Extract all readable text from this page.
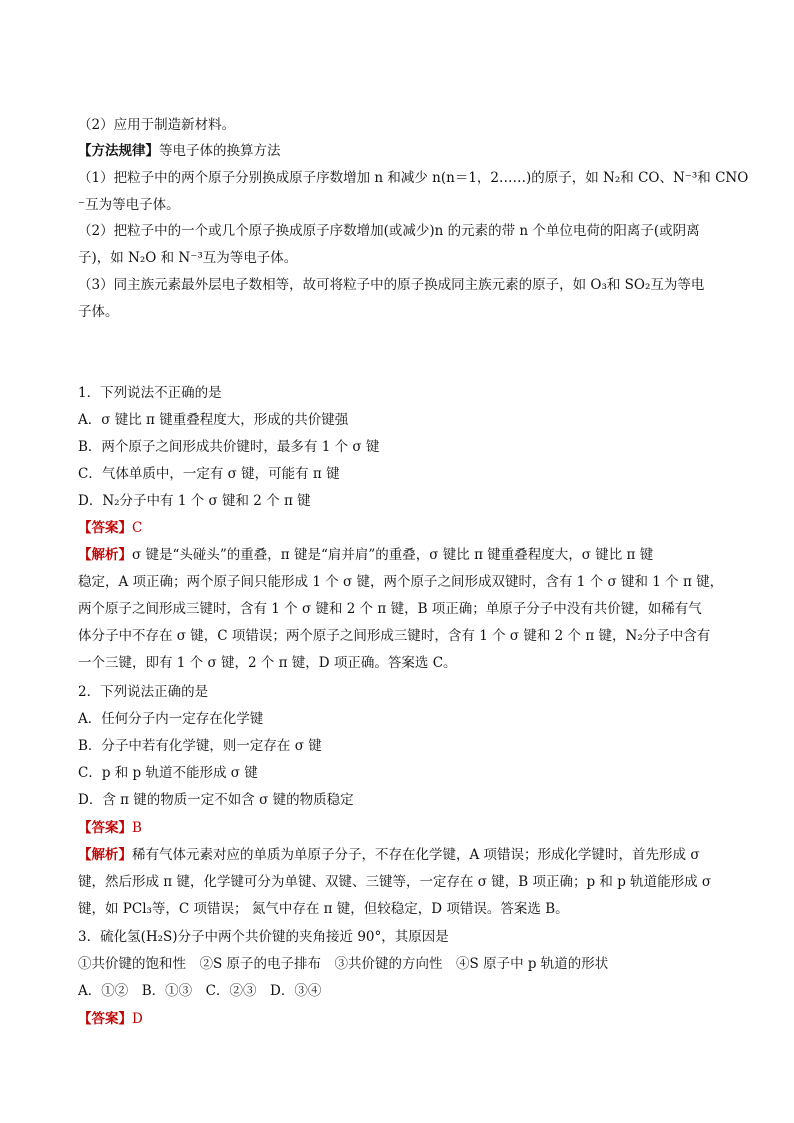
（2）应用于制造新材料。
【方法规律】等电子体的换算方法
（1）把粒子中的两个原子分别换成原子序数增加 n 和减少 n(n＝1，2……)的原子，如 N₂和 CO、N⁻³和 CNO
⁻互为等电子体。
（2）把粒子中的一个或几个原子换成原子序数增加(或减少)n 的元素的带 n 个单位电荷的阳离子(或阴离
子)，如 N₂O 和 N⁻³互为等电子体。
（3）同主族元素最外层电子数相等，故可将粒子中的原子换成同主族元素的原子，如 O₃和 SO₂互为等电
子体。
1．下列说法不正确的是
A．σ 键比 π 键重叠程度大，形成的共价键强
B．两个原子之间形成共价键时，最多有 1 个 σ 键
C．气体单质中，一定有 σ 键，可能有 π 键
D．N₂分子中有 1 个 σ 键和 2 个 π 键
【答案】C
【解析】σ 键是“头碰头”的重叠，π 键是“肩并肩”的重叠，σ 键比 π 键重叠程度大，σ 键比 π 键
稳定，A 项正确；两个原子间只能形成 1 个 σ 键，两个原子之间形成双键时，含有 1 个 σ 键和 1 个 π 键，
两个原子之间形成三键时，含有 1 个 σ 键和 2 个 π 键，B 项正确；单原子分子中没有共价键，如稀有气
体分子中不存在 σ 键，C 项错误；两个原子之间形成三键时，含有 1 个 σ 键和 2 个 π 键，N₂分子中含有
一个三键，即有 1 个 σ 键，2 个 π 键，D 项正确。答案选 C。
2．下列说法正确的是
A．任何分子内一定存在化学键
B．分子中若有化学键，则一定存在 σ 键
C．p 和 p 轨道不能形成 σ 键
D．含 π 键的物质一定不如含 σ 键的物质稳定
【答案】B
【解析】稀有气体元素对应的单质为单原子分子，不存在化学键，A 项错误；形成化学键时，首先形成 σ
键，然后形成 π 键，化学键可分为单键、双键、三键等，一定存在 σ 键，B 项正确；p 和 p 轨道能形成 σ
键，如 PCl₃等，C 项错误； 氮气中存在 π 键，但较稳定，D 项错误。答案选 B。
3．硫化氢(H₂S)分子中两个共价键的夹角接近 90°，其原因是
①共价键的饱和性　②S 原子的电子排布　③共价键的方向性　④S 原子中 p 轨道的形状
A．①②　B．①③　C．②③　D．③④
【答案】D
